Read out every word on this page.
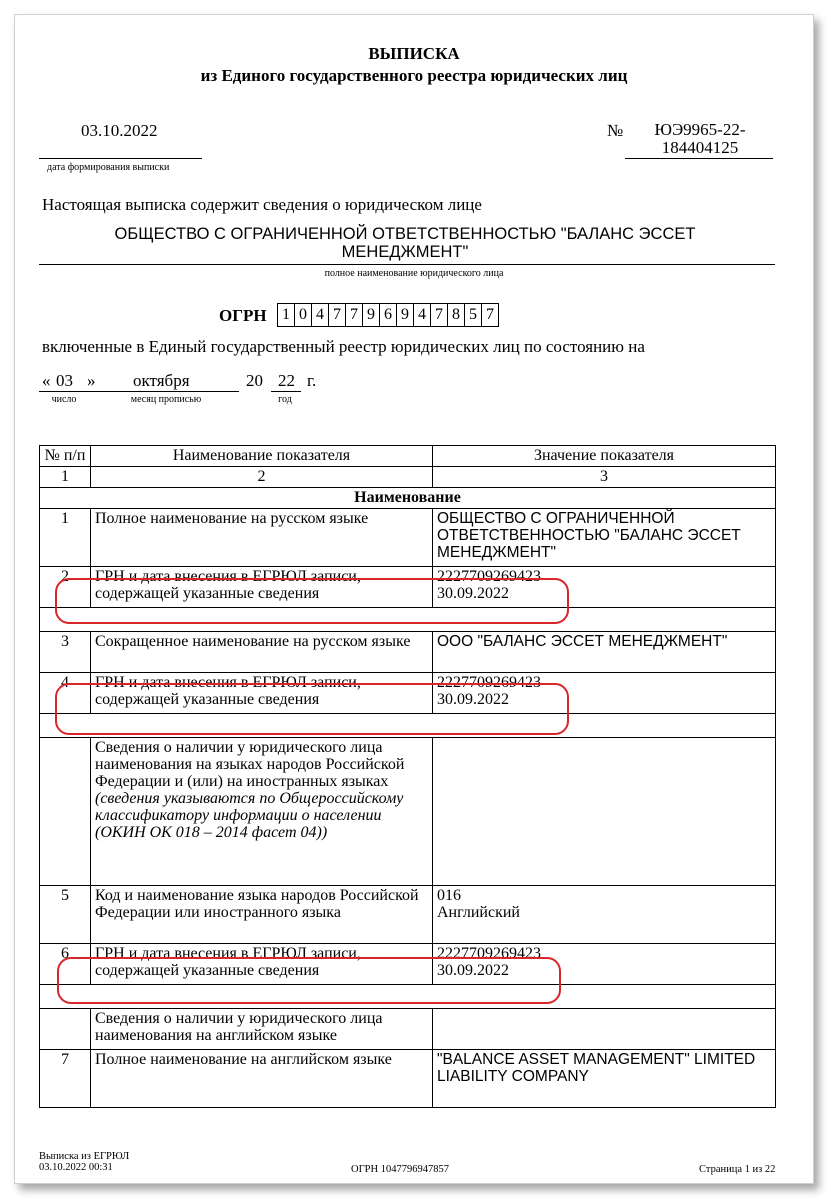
ВЫПИСКА
из Единого государственного реестра юридических лиц
03.10.2022
дата формирования выписки
№	ЮЭ9965-22-
184404125
Настоящая выписка содержит сведения о юридическом лице
ОБЩЕСТВО С ОГРАНИЧЕННОЙ ОТВЕТСТВЕННОСТЬЮ "БАЛАНС ЭССЕТ
МЕНЕДЖМЕНТ"
полное наименование юридического лица
ОГРН 1 0 4 7 7 9 6 9 4 7 8 5 7
включенные в Единый государственный реестр юридических лиц по состоянию на
« 03 » октября	20 22 г.
число	месяц прописью	год
№ п/п	Наименование показателя	Значение показателя
1	2	3
Наименование		
1	Полное наименование на русском языке	ОБЩЕСТВО С ОГРАНИЧЕННОЙ ОТВЕТСТВЕННОСТЬЮ "БАЛАНС ЭССЕТ МЕНЕДЖМЕНТ"
2	ГРН и дата внесения в ЕГРЮЛ записи, содержащей указанные сведения	2227709269423
30.09.2022

3	Сокращенное наименование на русском языке	ООО "БАЛАНС ЭССЕТ МЕНЕДЖМЕНТ"
4	ГРН и дата внесения в ЕГРЮЛ записи, содержащей указанные сведения	2227709269423
30.09.2022

	Сведения о наличии у юридического лица наименования на языках народов Российской Федерации и (или) на иностранных языках
(сведения указываются по Общероссийскому классификатору информации о населении (ОКИН ОК 018 – 2014 фасет 04))	

5	Код и наименование языка народов Российской Федерации или иностранного языка	016
Английский

6	ГРН и дата внесения в ЕГРЮЛ записи, содержащей указанные сведения	2227709269423
30.09.2022

	Сведения о наличии у юридического лица наименования на английском языке	
7	Полное наименование на английском языке	"BALANCE ASSET MANAGEMENT" LIMITED LIABILITY COMPANY
Выписка из ЕГРЮЛ
03.10.2022 00:31	ОГРН 1047796947857	Страница 1 из 22
